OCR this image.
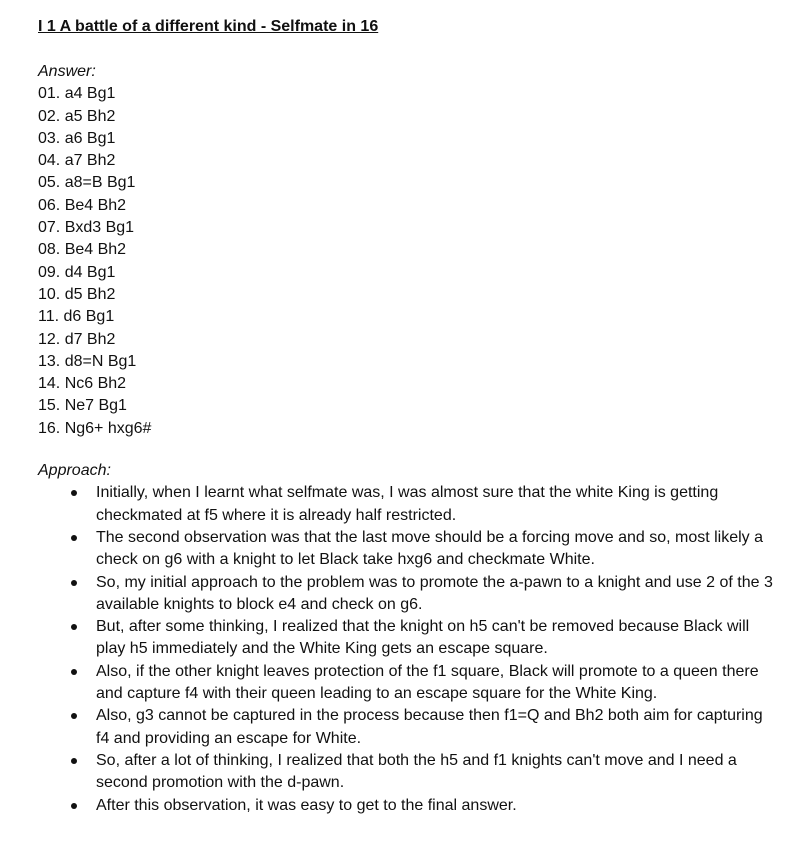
I 1 A battle of a different kind - Selfmate in 16

Answer:

01. a4 Bg1
02. a5 Bh2
03. a6 Bg1
04. a7 Bh2
05. a8=B Bg1
06. Be4 Bh2
07. Bxd3 Bg1
08. Be4 Bh2
09. d4 Bg1
10. d5 Bh2
11. d6 Bg1
12. d7 Bh2
13. d8=N Bg1
14. Nc6 Bh2
15. Ne7 Bg1
16. Ng6+ hxg6#

Approach:

Initially, when I learnt what selfmate was, I was almost sure that the white King is getting checkmated at f5 where it is already half restricted.
The second observation was that the last move should be a forcing move and so, most likely a check on g6 with a knight to let Black take hxg6 and checkmate White.
So, my initial approach to the problem was to promote the a-pawn to a knight and use 2 of the 3 available knights to block e4 and check on g6.
But, after some thinking, I realized that the knight on h5 can't be removed because Black will play h5 immediately and the White King gets an escape square.
Also, if the other knight leaves protection of the f1 square, Black will promote to a queen there and capture f4 with their queen leading to an escape square for the White King.
Also, g3 cannot be captured in the process because then f1=Q and Bh2 both aim for capturing f4 and providing an escape for White.
So, after a lot of thinking, I realized that both the h5 and f1 knights can't move and I need a second promotion with the d-pawn.
After this observation, it was easy to get to the final answer.
